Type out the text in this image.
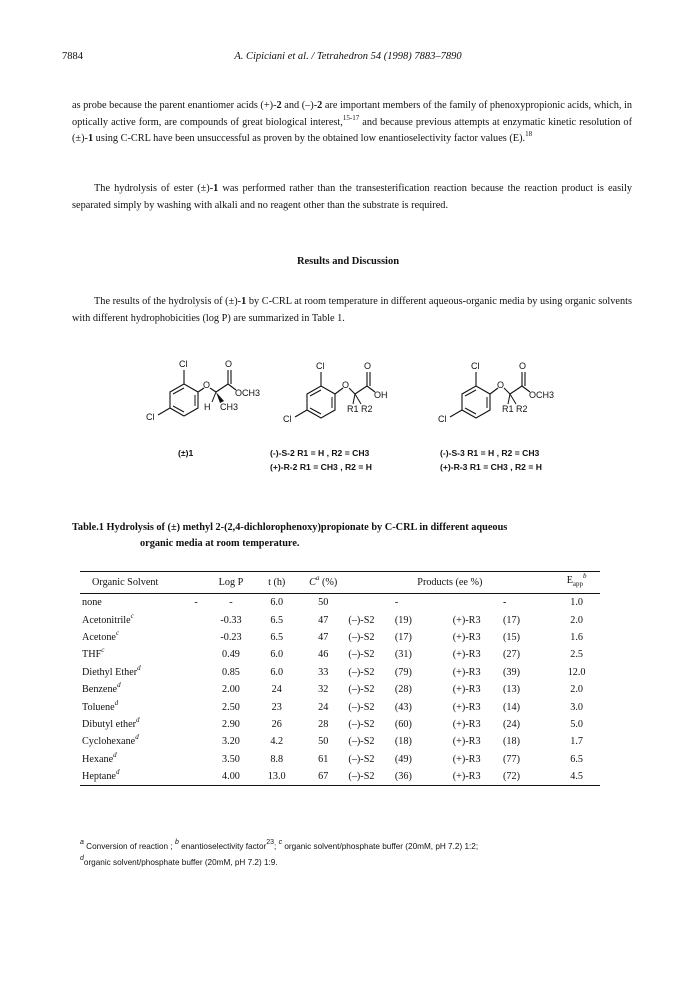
7884	A. Cipiciani et al. / Tetrahedron 54 (1998) 7883–7890

as probe because the parent enantiomer acids (+)-2 and (–)-2 are important members of the family of phenoxypropionic acids, which, in optically active form, are compounds of great biological interest,$^{15-17}$ and because previous attempts at enzymatic kinetic resolution of (±)-1 using C-CRL have been unsuccessful as proven by the obtained low enantioselectivity factor values (E).$^{18}$

The hydrolysis of ester (±)-1 was performed rather than the transesterification reaction because the reaction product is easily separated simply by washing with alkali and no reagent other than the substrate is required.

Results and Discussion

The results of the hydrolysis of (±)-1 by C-CRL at room temperature in different aqueous-organic media by using organic solvents with different hydrophobicities (log P) are summarized in Table 1.

Cl
Cl
O
O
OCH3
H CH3
(±)1
Cl
Cl
O
O
OH
R1 R2
(-)-S-2 R1 = H , R2 = CH3
(+)-R-2 R1 = CH3 , R2 = H
Cl
Cl
O
O
OCH3
R1 R2
(-)-S-3 R1 = H , R2 = CH3
(+)-R-3 R1 = CH3 , R2 = H
Table.1 Hydrolysis of (±) methyl 2-(2,4-dichlorophenoxy)propionate by C-CRL in different aqueous
organic media at room temperature.
Organic Solvent		Log P	t (h)	$C^a$ (%)	Products (ee %)				$E_{app}^b$
none	-	-	6.0	50		-		-	1.0
Acetonitrile$^c$		-0.33	6.5	47	(–)-S2	(19)	(+)-R3	(17)	2.0
Acetone$^c$		-0.23	6.5	47	(–)-S2	(17)	(+)-R3	(15)	1.6
THF$^c$		0.49	6.0	46	(–)-S2	(31)	(+)-R3	(27)	2.5
Diethyl Ether$^d$		0.85	6.0	33	(–)-S2	(79)	(+)-R3	(39)	12.0
Benzene$^d$		2.00	24	32	(–)-S2	(28)	(+)-R3	(13)	2.0
Toluene$^d$		2.50	23	24	(–)-S2	(43)	(+)-R3	(14)	3.0
Dibutyl ether$^d$		2.90	26	28	(–)-S2	(60)	(+)-R3	(24)	5.0
Cyclohexane$^d$		3.20	4.2	50	(–)-S2	(18)	(+)-R3	(18)	1.7
Hexane$^d$		3.50	8.8	61	(–)-S2	(49)	(+)-R3	(77)	6.5
Heptane$^d$		4.00	13.0	67	(–)-S2	(36)	(+)-R3	(72)	4.5
$^a$ Conversion of reaction ; $^b$ enantioselectivity factor$^{23}$; $^c$ organic solvent/phosphate buffer (20mM, pH 7.2) 1:2;
$^d$organic solvent/phosphate buffer (20mM, pH 7.2) 1:9.
